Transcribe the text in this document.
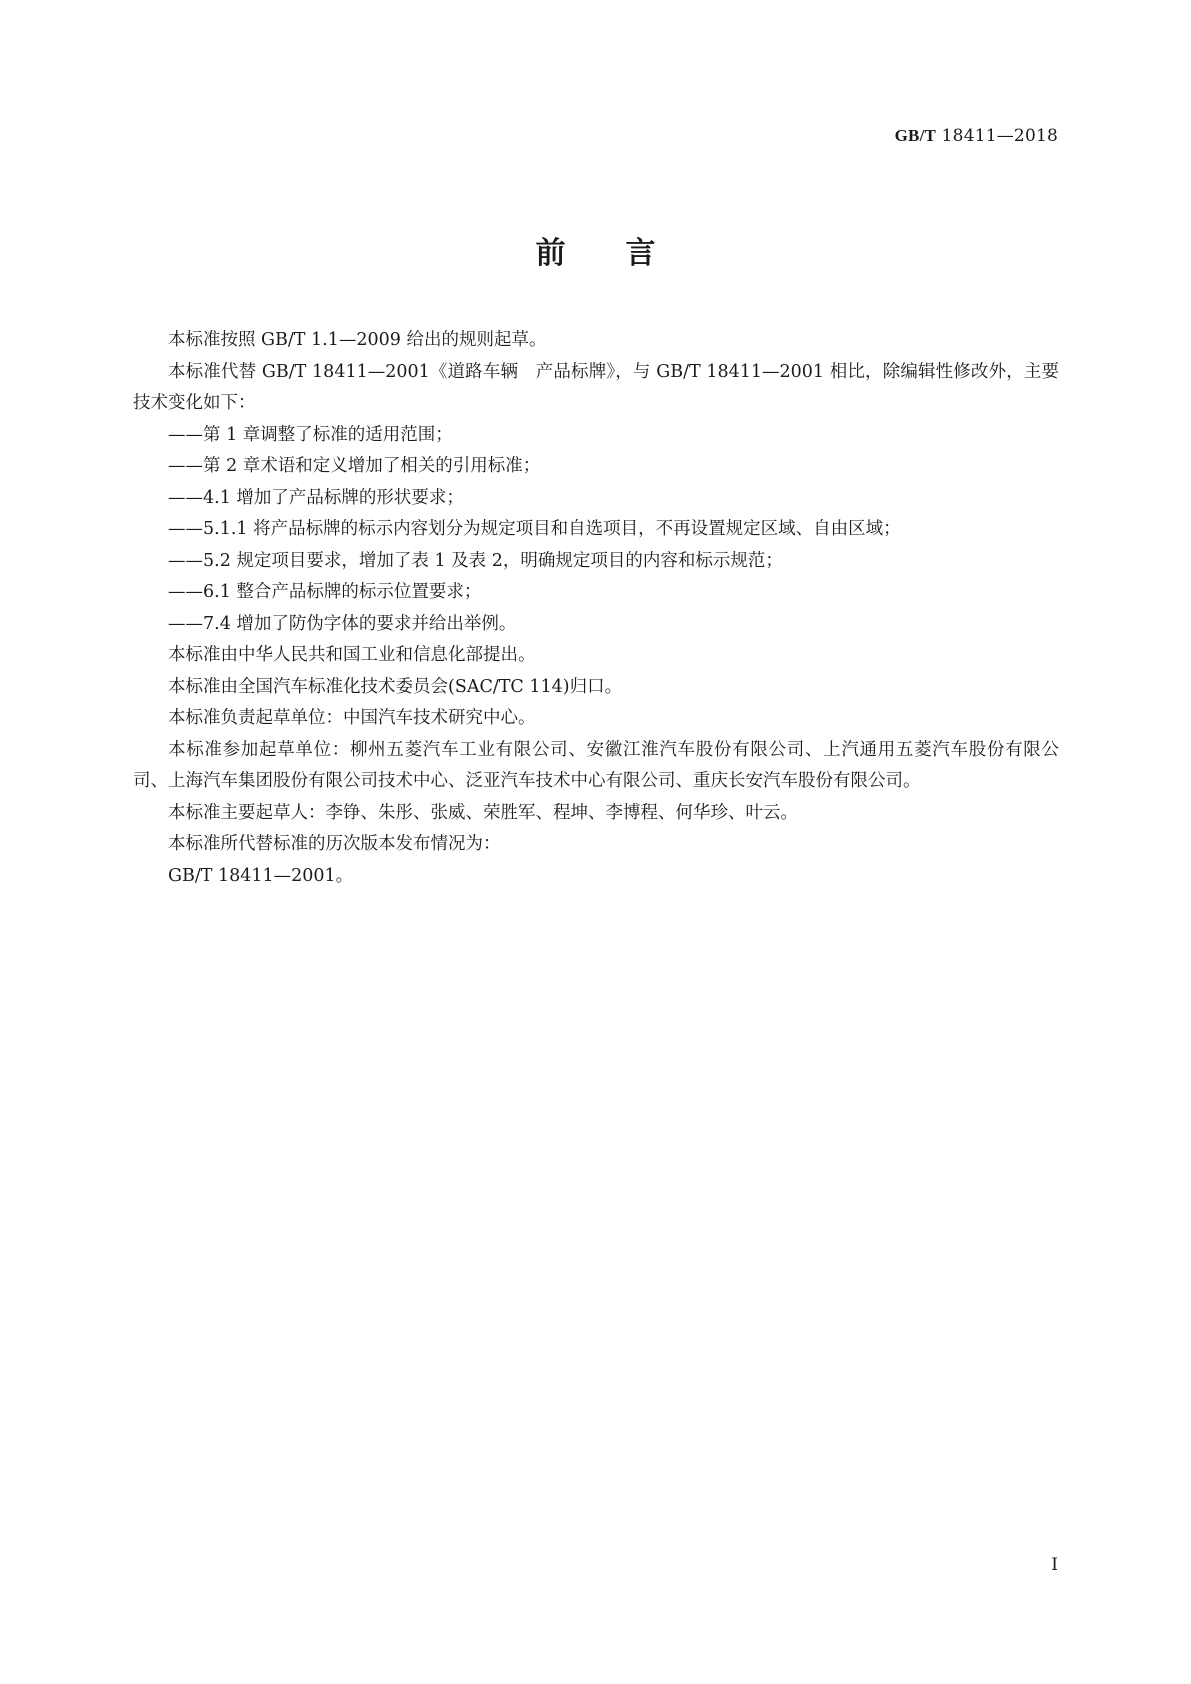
GB/T 18411—2018
前言

本标准按照 GB/T 1.1—2009 给出的规则起草。

本标准代替 GB/T 18411—2001《道路车辆　产品标牌》，与 GB/T 18411—2001 相比，除编辑性修改外，主要技术变化如下：

——第 1 章调整了标准的适用范围；

——第 2 章术语和定义增加了相关的引用标准；

——4.1 增加了产品标牌的形状要求；

——5.1.1 将产品标牌的标示内容划分为规定项目和自选项目，不再设置规定区域、自由区域；

——5.2 规定项目要求，增加了表 1 及表 2，明确规定项目的内容和标示规范；

——6.1 整合产品标牌的标示位置要求；

——7.4 增加了防伪字体的要求并给出举例。

本标准由中华人民共和国工业和信息化部提出。

本标准由全国汽车标准化技术委员会(SAC/TC 114)归口。

本标准负责起草单位：中国汽车技术研究中心。

本标准参加起草单位：柳州五菱汽车工业有限公司、安徽江淮汽车股份有限公司、上汽通用五菱汽车股份有限公司、上海汽车集团股份有限公司技术中心、泛亚汽车技术中心有限公司、重庆长安汽车股份有限公司。

本标准主要起草人：李铮、朱彤、张威、荣胜军、程坤、李博程、何华珍、叶云。

本标准所代替标准的历次版本发布情况为：

GB/T 18411—2001。

I
